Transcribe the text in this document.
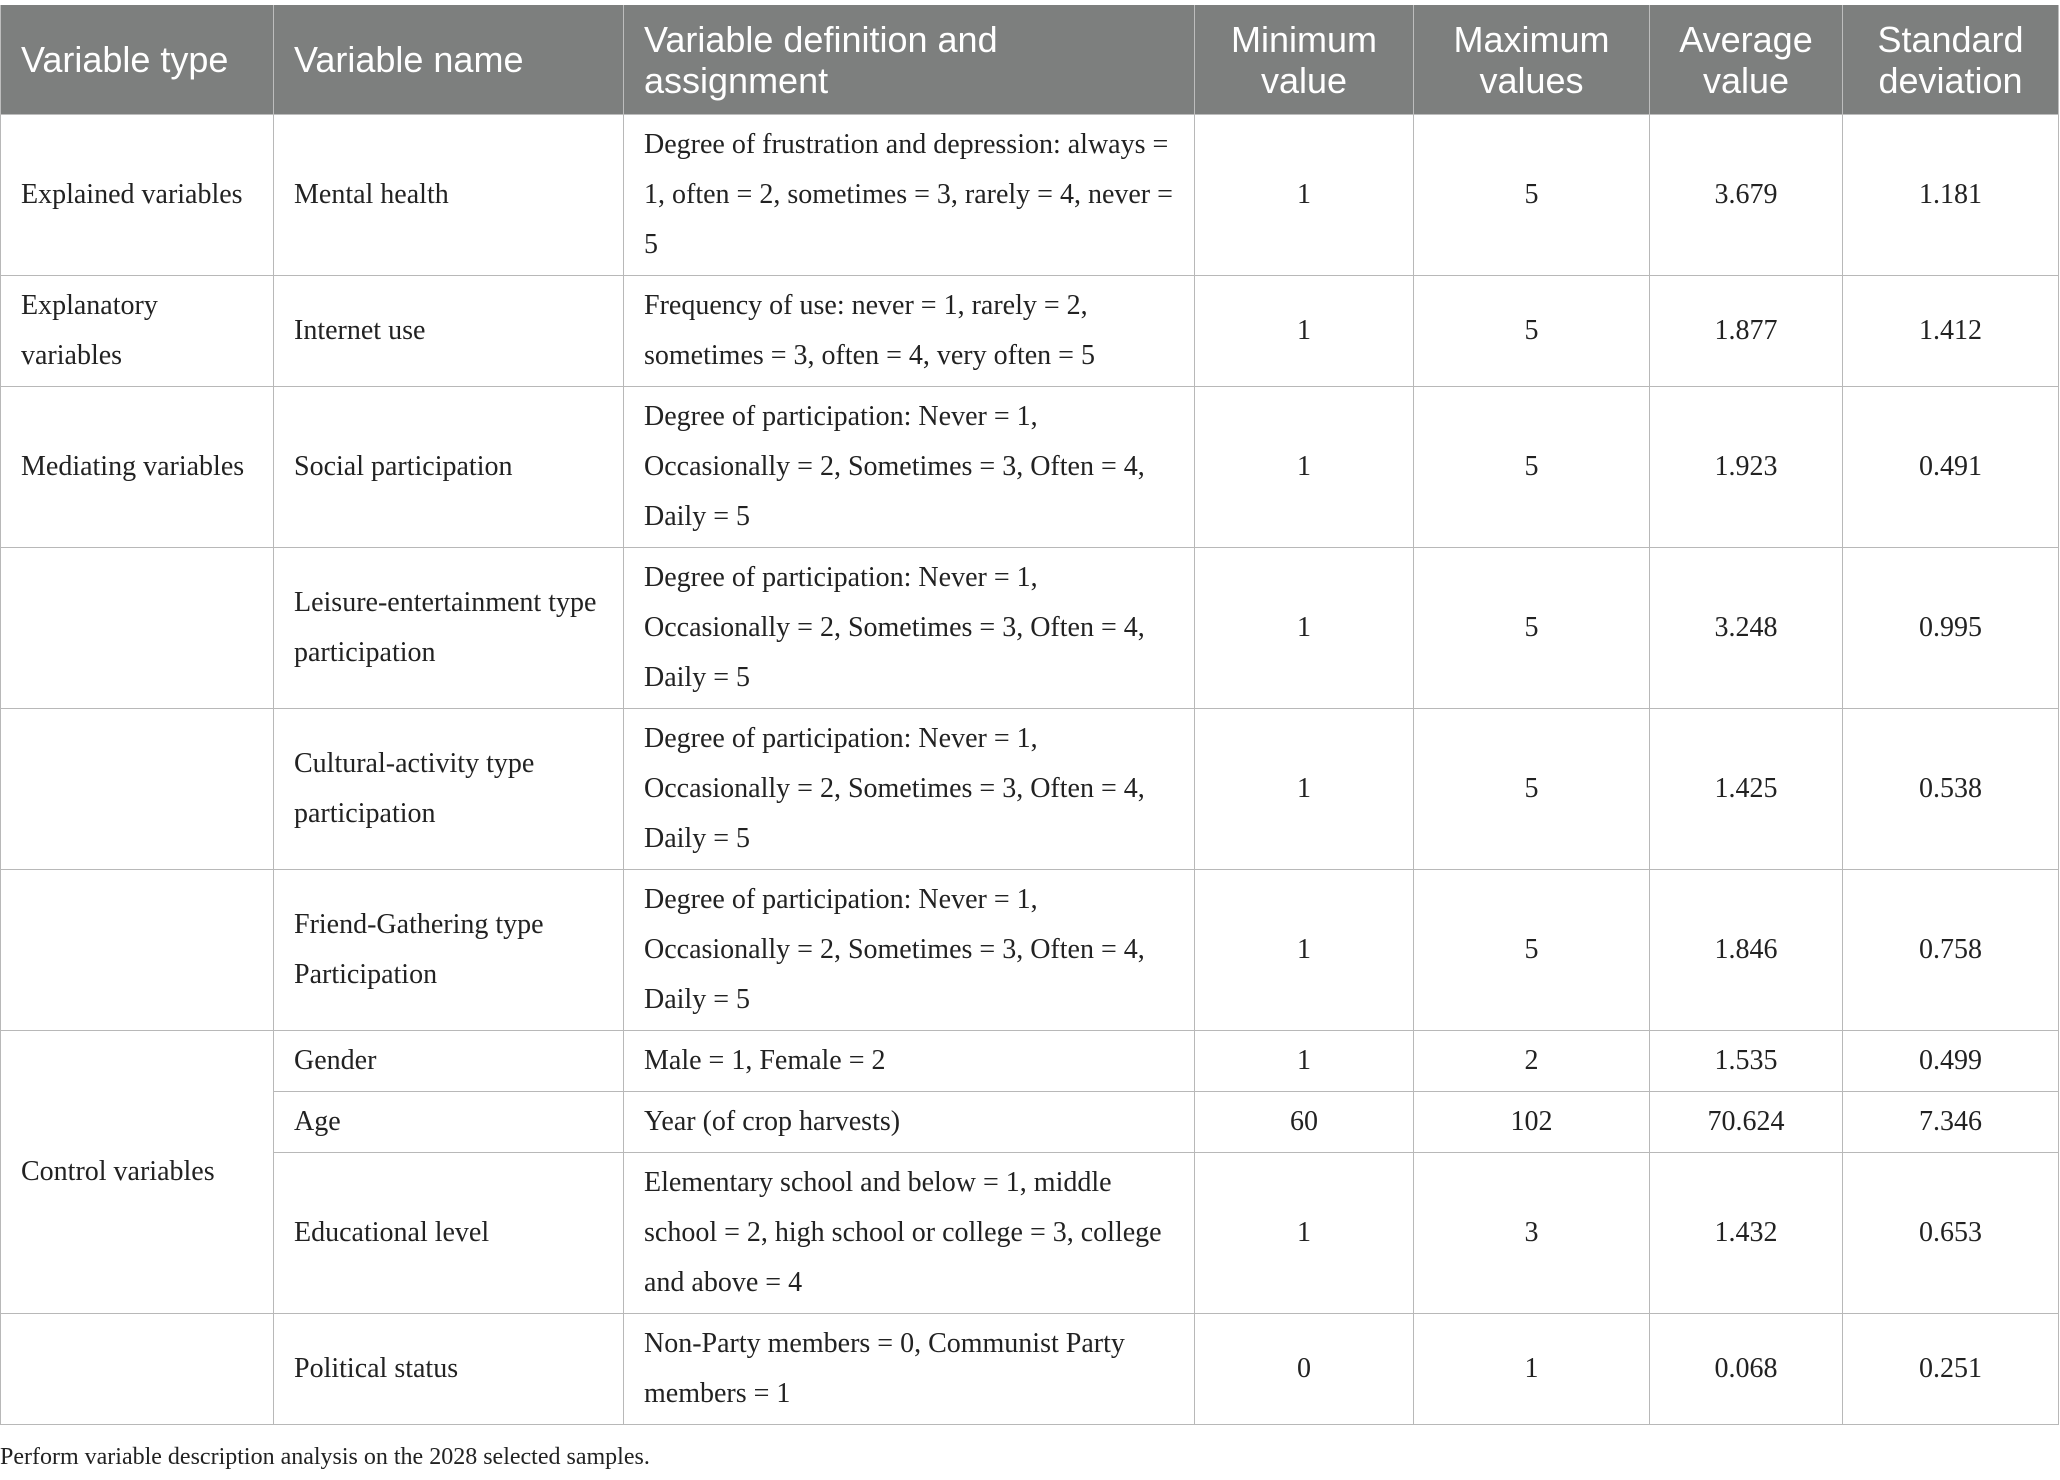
Variable type	Variable name	Variable definition and assignment	Minimum value	Maximum values	Average value	Standard deviation
Explained variables	Mental health	Degree of frustration and depression: always = 1, often = 2, sometimes = 3, rarely = 4, never = 5	1	5	3.679	1.181
Explanatory variables	Internet use	Frequency of use: never = 1, rarely = 2, sometimes = 3, often = 4, very often = 5	1	5	1.877	1.412
Mediating variables	Social participation	Degree of participation: Never = 1, Occasionally = 2, Sometimes = 3, Often = 4, Daily = 5	1	5	1.923	0.491
	Leisure-entertainment type participation	Degree of participation: Never = 1, Occasionally = 2, Sometimes = 3, Often = 4, Daily = 5	1	5	3.248	0.995
	Cultural-activity type participation	Degree of participation: Never = 1, Occasionally = 2, Sometimes = 3, Often = 4, Daily = 5	1	5	1.425	0.538
	Friend-Gathering type Participation	Degree of participation: Never = 1, Occasionally = 2, Sometimes = 3, Often = 4, Daily = 5	1	5	1.846	0.758
Control variables	Gender	Male = 1, Female = 2	1	2	1.535	0.499
	Age	Year (of crop harvests)	60	102	70.624	7.346
	Educational level	Elementary school and below = 1, middle school = 2, high school or college = 3, college and above = 4	1	3	1.432	0.653
	Political status	Non-Party members = 0, Communist Party members = 1	0	1	0.068	0.251
Perform variable description analysis on the 2028 selected samples.
